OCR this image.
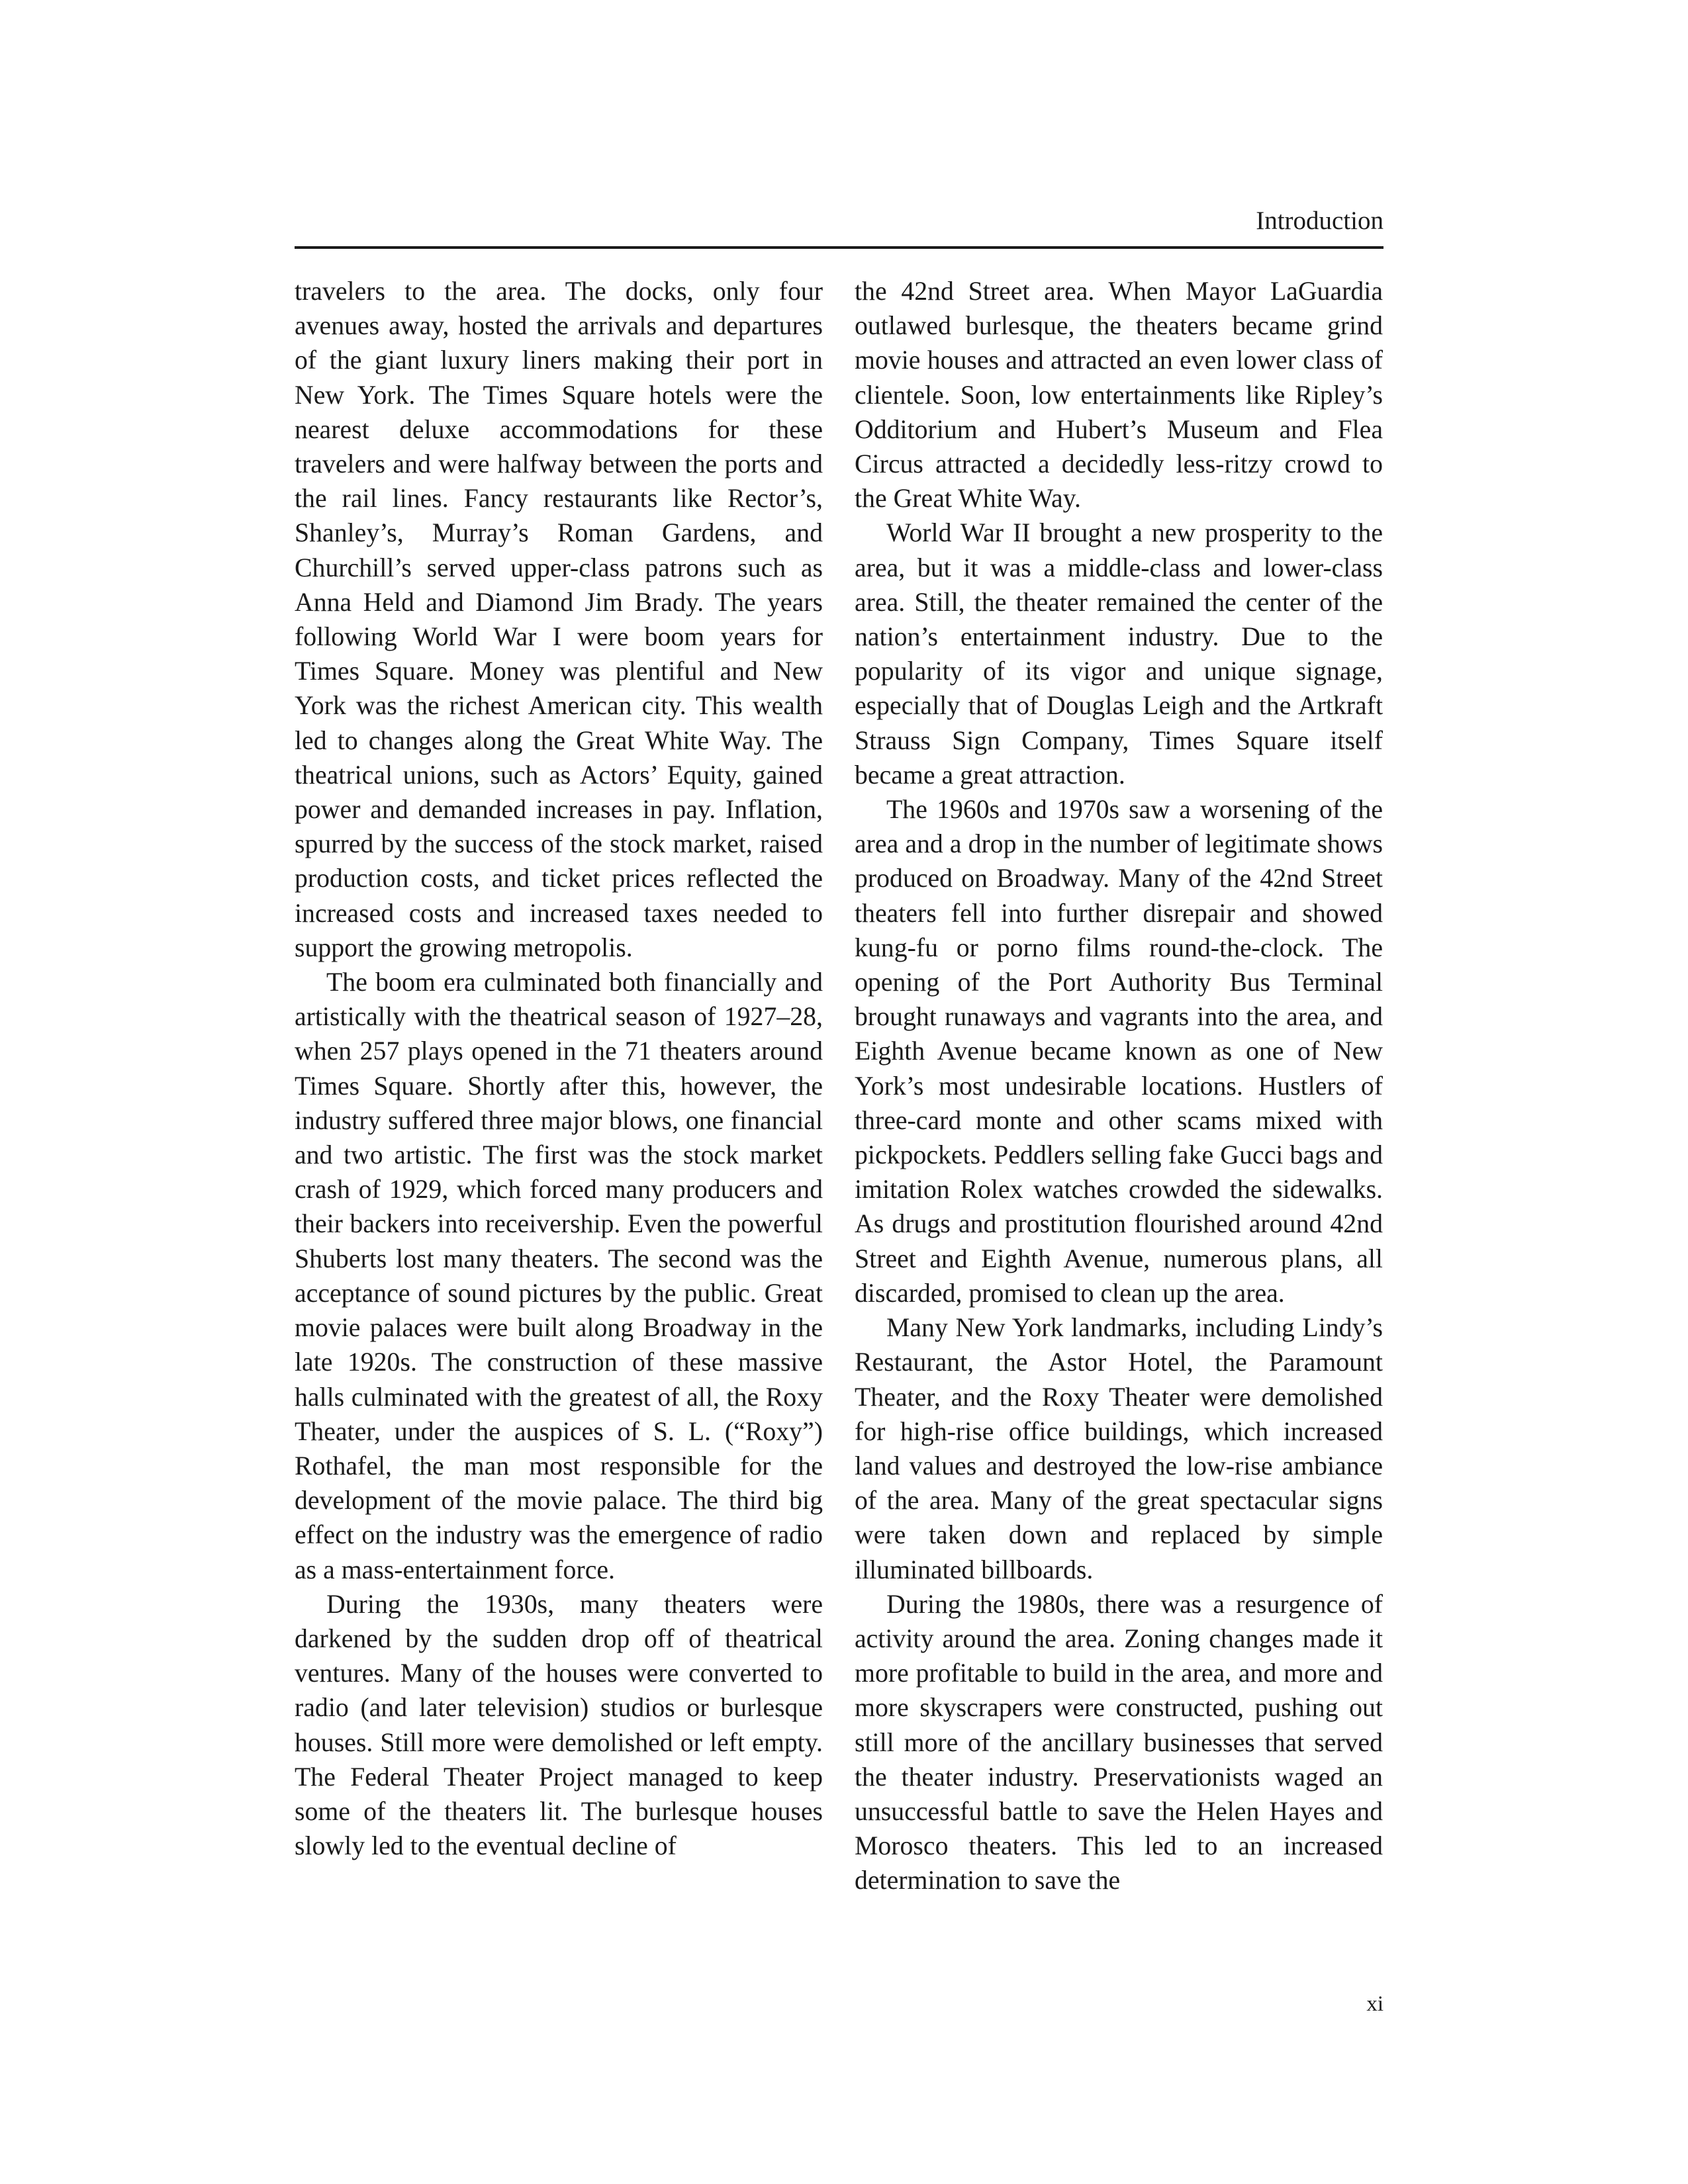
Introduction

travelers to the area. The docks, only four avenues away, hosted the arrivals and departures of the giant luxury liners making their port in New York. The Times Square hotels were the nearest deluxe accommodations for these travelers and were halfway between the ports and the rail lines. Fancy restaurants like Rector’s, Shanley’s, Murray’s Roman Gardens, and Churchill’s served upper-class patrons such as Anna Held and Diamond Jim Brady. The years following World War I were boom years for Times Square. Money was plentiful and New York was the richest American city. This wealth led to changes along the Great White Way. The theatrical unions, such as Actors’ Equity, gained power and demanded increases in pay. Inflation, spurred by the success of the stock market, raised production costs, and ticket prices reflected the increased costs and increased taxes needed to support the growing metropolis.

The boom era culminated both financially and artistically with the theatrical season of 1927–28, when 257 plays opened in the 71 theaters around Times Square. Shortly after this, however, the industry suffered three major blows, one financial and two artistic. The first was the stock market crash of 1929, which forced many producers and their backers into receivership. Even the powerful Shuberts lost many theaters. The second was the acceptance of sound pictures by the public. Great movie palaces were built along Broadway in the late 1920s. The construction of these massive halls culminated with the greatest of all, the Roxy Theater, under the auspices of S. L. (“Roxy”) Rothafel, the man most responsible for the development of the movie palace. The third big effect on the industry was the emergence of radio as a mass-entertainment force.

During the 1930s, many theaters were darkened by the sudden drop off of theatrical ventures. Many of the houses were converted to radio (and later television) studios or burlesque houses. Still more were demolished or left empty. The Federal Theater Project managed to keep some of the theaters lit. The burlesque houses slowly led to the eventual decline of

the 42nd Street area. When Mayor LaGuardia outlawed burlesque, the theaters became grind movie houses and attracted an even lower class of clientele. Soon, low entertainments like Ripley’s Odditorium and Hubert’s Museum and Flea Circus attracted a decidedly less-ritzy crowd to the Great White Way.

World War II brought a new prosperity to the area, but it was a middle-class and lower-class area. Still, the theater remained the center of the nation’s entertainment industry. Due to the popularity of its vigor and unique signage, especially that of Douglas Leigh and the Artkraft Strauss Sign Company, Times Square itself became a great attraction.

The 1960s and 1970s saw a worsening of the area and a drop in the number of legitimate shows produced on Broadway. Many of the 42nd Street theaters fell into further disrepair and showed kung-fu or porno films round-the-clock. The opening of the Port Authority Bus Terminal brought runaways and vagrants into the area, and Eighth Avenue became known as one of New York’s most undesirable locations. Hustlers of three-card monte and other scams mixed with pickpockets. Peddlers selling fake Gucci bags and imitation Rolex watches crowded the sidewalks. As drugs and prostitution flourished around 42nd Street and Eighth Avenue, numerous plans, all discarded, promised to clean up the area.

Many New York landmarks, including Lindy’s Restaurant, the Astor Hotel, the Paramount Theater, and the Roxy Theater were demolished for high-rise office buildings, which increased land values and destroyed the low-rise ambiance of the area. Many of the great spectacular signs were taken down and replaced by simple illuminated billboards.

During the 1980s, there was a resurgence of activity around the area. Zoning changes made it more profitable to build in the area, and more and more skyscrapers were constructed, pushing out still more of the ancillary businesses that served the theater industry. Preservationists waged an unsuccessful battle to save the Helen Hayes and Morosco theaters. This led to an increased determination to save the

xi
